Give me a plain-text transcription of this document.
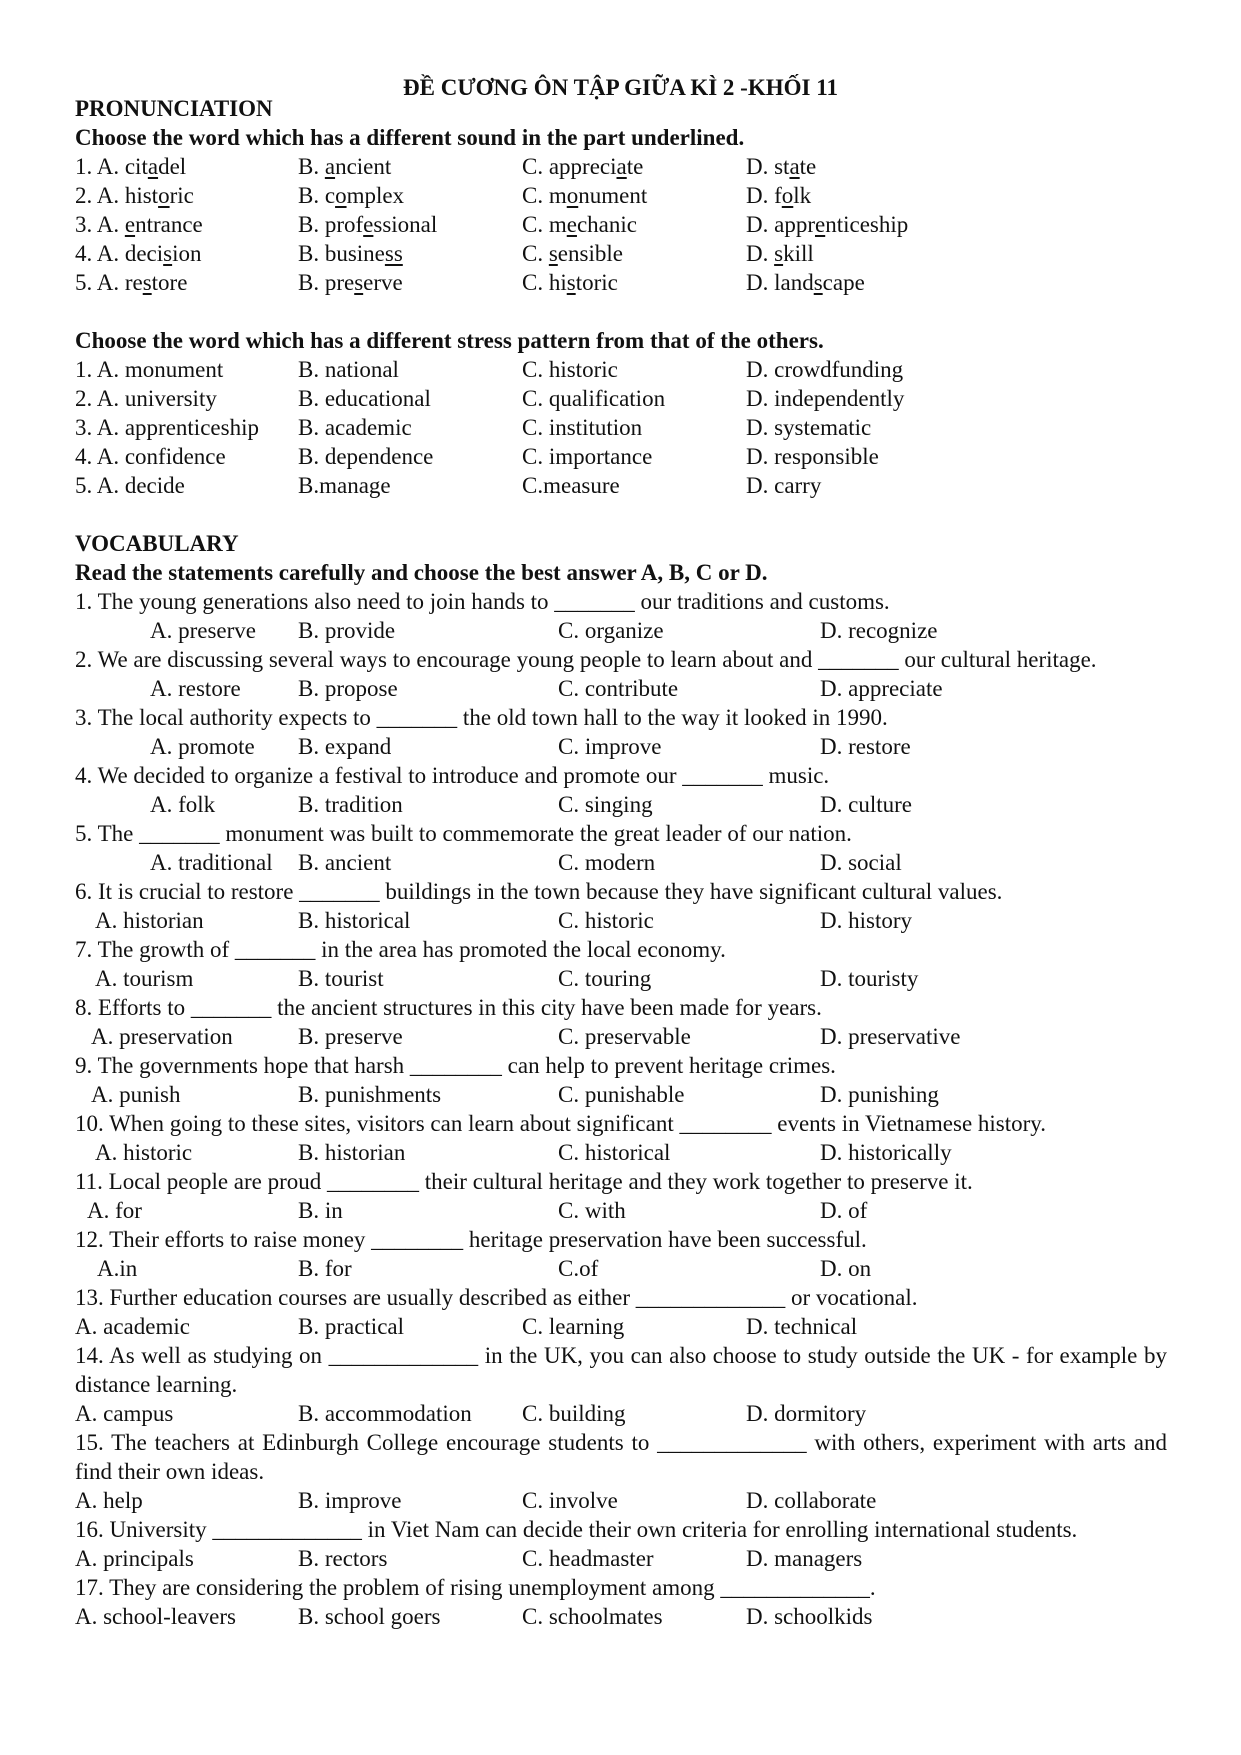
ĐỀ CƯƠNG ÔN TẬP GIỮA KÌ 2 -KHỐI 11
PRONUNCIATION
Choose the word which has a different sound in the part underlined.
1. A. citadel	B. ancient	C. appreciate	D. state
2. A. historic	B. complex	C. monument	D. folk
3. A. entrance	B. professional	C. mechanic	D. apprenticeship
4. A. decision	B. business	C. sensible	D. skill
5. A. restore	B. preserve	C. historic	D. landscape
Choose the word which has a different stress pattern from that of the others.
1. A. monument	B. national	C. historic	D. crowdfunding
2. A. university	B. educational	C. qualification	D. independently
3. A. apprenticeship B. academic	C. institution	D. systematic
4. A. confidence	B. dependence	C. importance	D. responsible
5. A. decide	B.manage	C.measure	D. carry
VOCABULARY
Read the statements carefully and choose the best answer A, B, C or D.
1. The young generations also need to join hands to _______ our traditions and customs.
A. preserve B. provide	C. organize	D. recognize
2. We are discussing several ways to encourage young people to learn about and _______ our cultural heritage.
A. restore B. propose	C. contribute	D. appreciate
3. The local authority expects to _______ the old town hall to the way it looked in 1990.
A. promote B. expand	C. improve	D. restore
4. We decided to organize a festival to introduce and promote our _______ music.
A. folk	B. tradition	C. singing	D. culture
5. The _______ monument was built to commemorate the great leader of our nation.
A. traditional B. ancient	C. modern	D. social
6. It is crucial to restore _______ buildings in the town because they have significant cultural values.
A. historian	B. historical	C. historic	D. history
7. The growth of _______ in the area has promoted the local economy.
A. tourism	B. tourist	C. touring	D. touristy
8. Efforts to _______ the ancient structures in this city have been made for years.
A. preservation	B. preserve	C. preservable	D. preservative
9. The governments hope that harsh ________ can help to prevent heritage crimes.
A. punish	B. punishments	C. punishable	D. punishing
10. When going to these sites, visitors can learn about significant ________ events in Vietnamese history.
A. historic	B. historian	C. historical	D. historically
11. Local people are proud ________ their cultural heritage and they work together to preserve it.
A. for	B. in	C. with	D. of
12. Their efforts to raise money ________ heritage preservation have been successful.
A.in	B. for	C.of	D. on
13. Further education courses are usually described as either _____________ or vocational.
A. academic	B. practical	C. learning	D. technical
14. As well as studying on _____________ in the UK, you can also choose to study outside the UK - for example by distance learning.
A. campus	B. accommodation C. building	D. dormitory
15. The teachers at Edinburgh College encourage students to _____________ with others, experiment with arts and find their own ideas.
A. help	B. improve	C. involve	D. collaborate
16. University _____________ in Viet Nam can decide their own criteria for enrolling international students.
A. principals	B. rectors	C. headmaster	D. managers
17. They are considering the problem of rising unemployment among _____________.
A. school-leavers	B. school goers	C. schoolmates	D. schoolkids
